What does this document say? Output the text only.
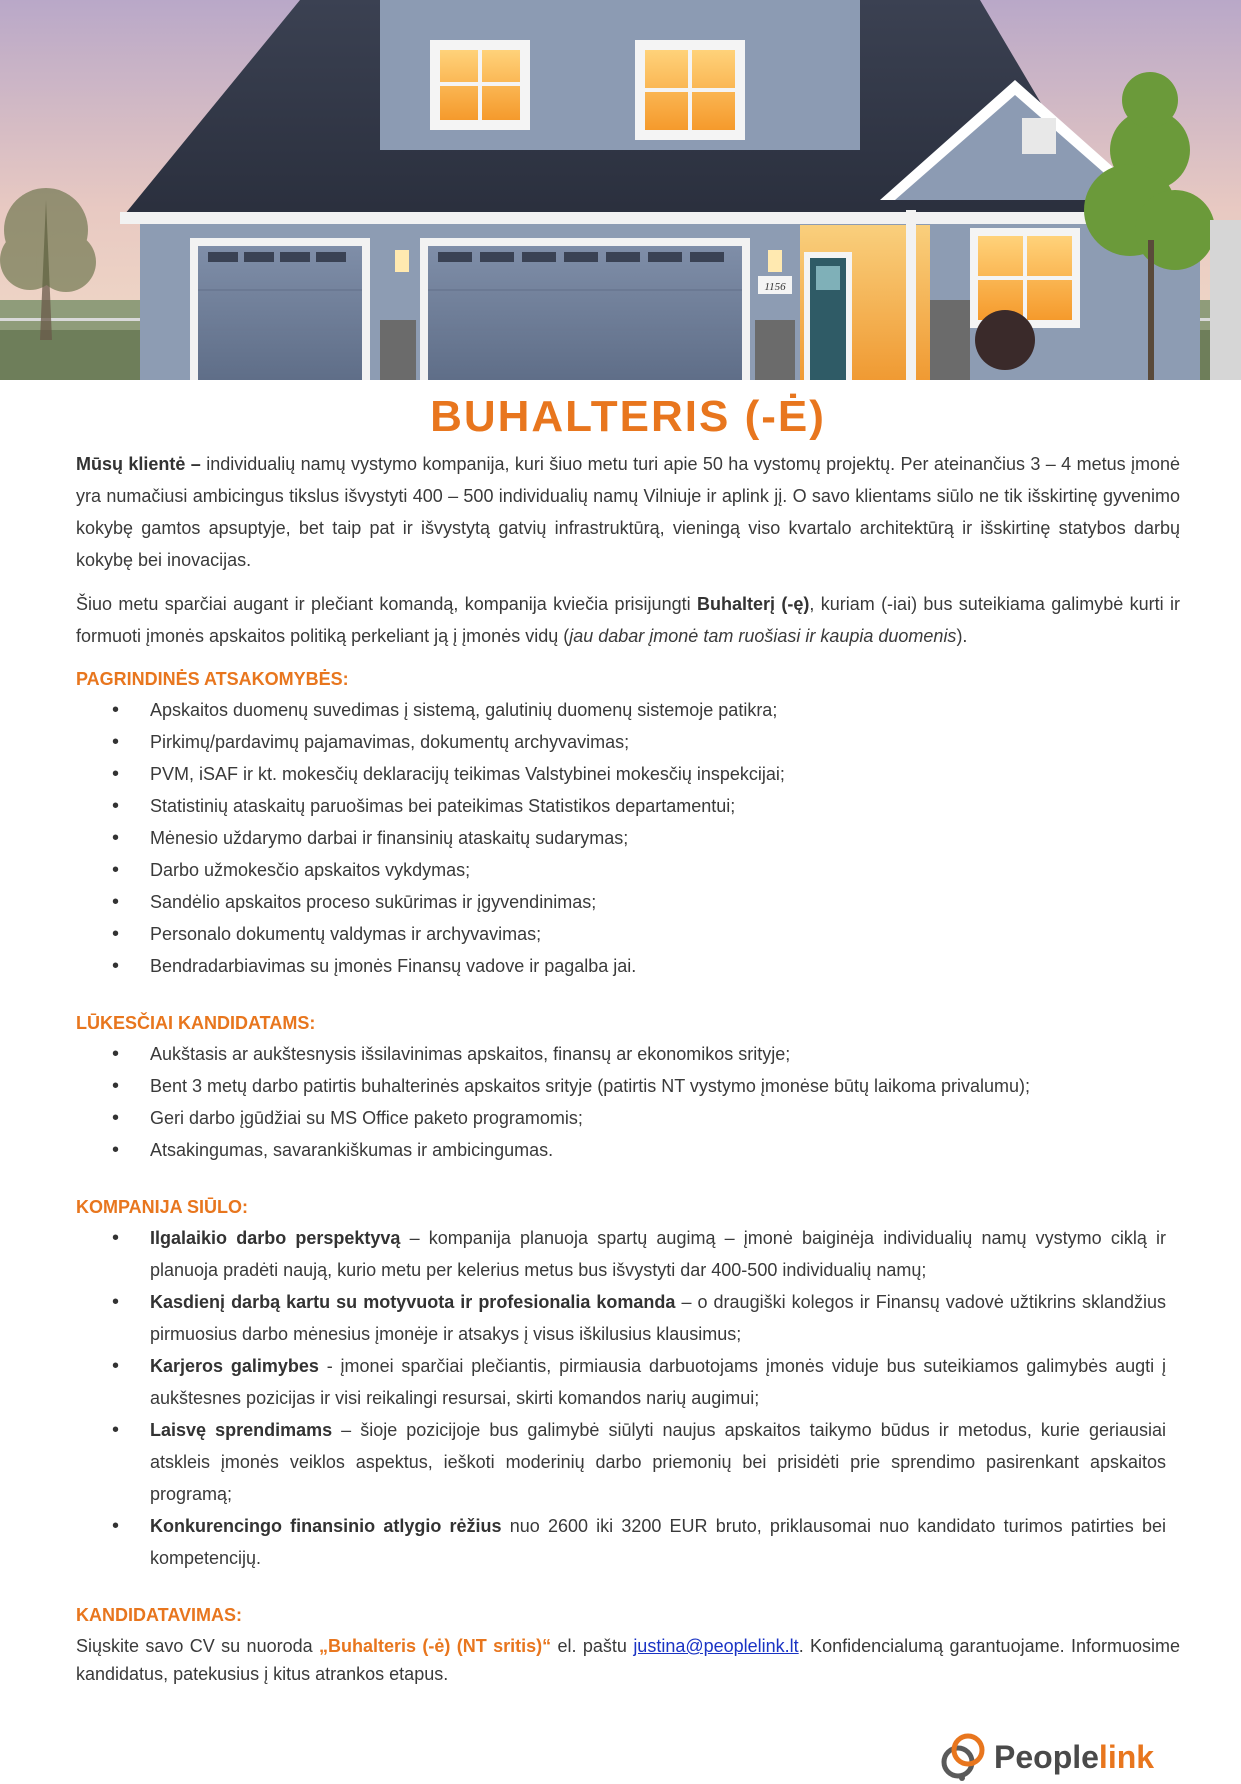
1156
BUHALTERIS (-Ė)

Mūsų klientė – individualių namų vystymo kompanija, kuri šiuo metu turi apie 50 ha vystomų projektų. Per ateinančius 3 – 4 metus įmonė yra numačiusi ambicingus tikslus išvystyti 400 – 500 individualių namų Vilniuje ir aplink jį. O savo klientams siūlo ne tik išskirtinę gyvenimo kokybę gamtos apsuptyje, bet taip pat ir išvystytą gatvių infrastruktūrą, vieningą viso kvartalo architektūrą ir išskirtinę statybos darbų kokybę bei inovacijas.

Šiuo metu sparčiai augant ir plečiant komandą, kompanija kviečia prisijungti Buhalterį (-ę), kuriam (-iai) bus suteikiama galimybė kurti ir formuoti įmonės apskaitos politiką perkeliant ją į įmonės vidų (jau dabar įmonė tam ruošiasi ir kaupia duomenis).

PAGRINDINĖS ATSAKOMYBĖS:
• Apskaitos duomenų suvedimas į sistemą, galutinių duomenų sistemoje patikra;
• Pirkimų/pardavimų pajamavimas, dokumentų archyvavimas;
• PVM, iSAF ir kt. mokesčių deklaracijų teikimas Valstybinei mokesčių inspekcijai;
• Statistinių ataskaitų paruošimas bei pateikimas Statistikos departamentui;
• Mėnesio uždarymo darbai ir finansinių ataskaitų sudarymas;
• Darbo užmokesčio apskaitos vykdymas;
• Sandėlio apskaitos proceso sukūrimas ir įgyvendinimas;
• Personalo dokumentų valdymas ir archyvavimas;
• Bendradarbiavimas su įmonės Finansų vadove ir pagalba jai.
LŪKESČIAI KANDIDATAMS:
• Aukštasis ar aukštesnysis išsilavinimas apskaitos, finansų ar ekonomikos srityje;
• Bent 3 metų darbo patirtis buhalterinės apskaitos srityje (patirtis NT vystymo įmonėse būtų laikoma privalumu);
• Geri darbo įgūdžiai su MS Office paketo programomis;
• Atsakingumas, savarankiškumas ir ambicingumas.
KOMPANIJA SIŪLO:
• Ilgalaikio darbo perspektyvą – kompanija planuoja spartų augimą – įmonė baiginėja individualių namų vystymo ciklą ir planuoja pradėti naują, kurio metu per kelerius metus bus išvystyti dar 400-500 individualių namų;
• Kasdienį darbą kartu su motyvuota ir profesionalia komanda – o draugiški kolegos ir Finansų vadovė užtikrins sklandžius pirmuosius darbo mėnesius įmonėje ir atsakys į visus iškilusius klausimus;
• Karjeros galimybes - įmonei sparčiai plečiantis, pirmiausia darbuotojams įmonės viduje bus suteikiamos galimybės augti į aukštesnes pozicijas ir visi reikalingi resursai, skirti komandos narių augimui;
• Laisvę sprendimams – šioje pozicijoje bus galimybė siūlyti naujus apskaitos taikymo būdus ir metodus, kurie geriausiai atskleis įmonės veiklos aspektus, ieškoti moderinių darbo priemonių bei prisidėti prie sprendimo pasirenkant apskaitos programą;
• Konkurencingo finansinio atlygio rėžius nuo 2600 iki 3200 EUR bruto, priklausomai nuo kandidato turimos patirties bei kompetencijų.
KANDIDATAVIMAS:

Siųskite savo CV su nuoroda „Buhalteris (-ė) (NT sritis)“ el. paštu justina@peoplelink.lt. Konfidencialumą garantuojame. Informuosime kandidatus, patekusius į kitus atrankos etapus.

Peoplelink
